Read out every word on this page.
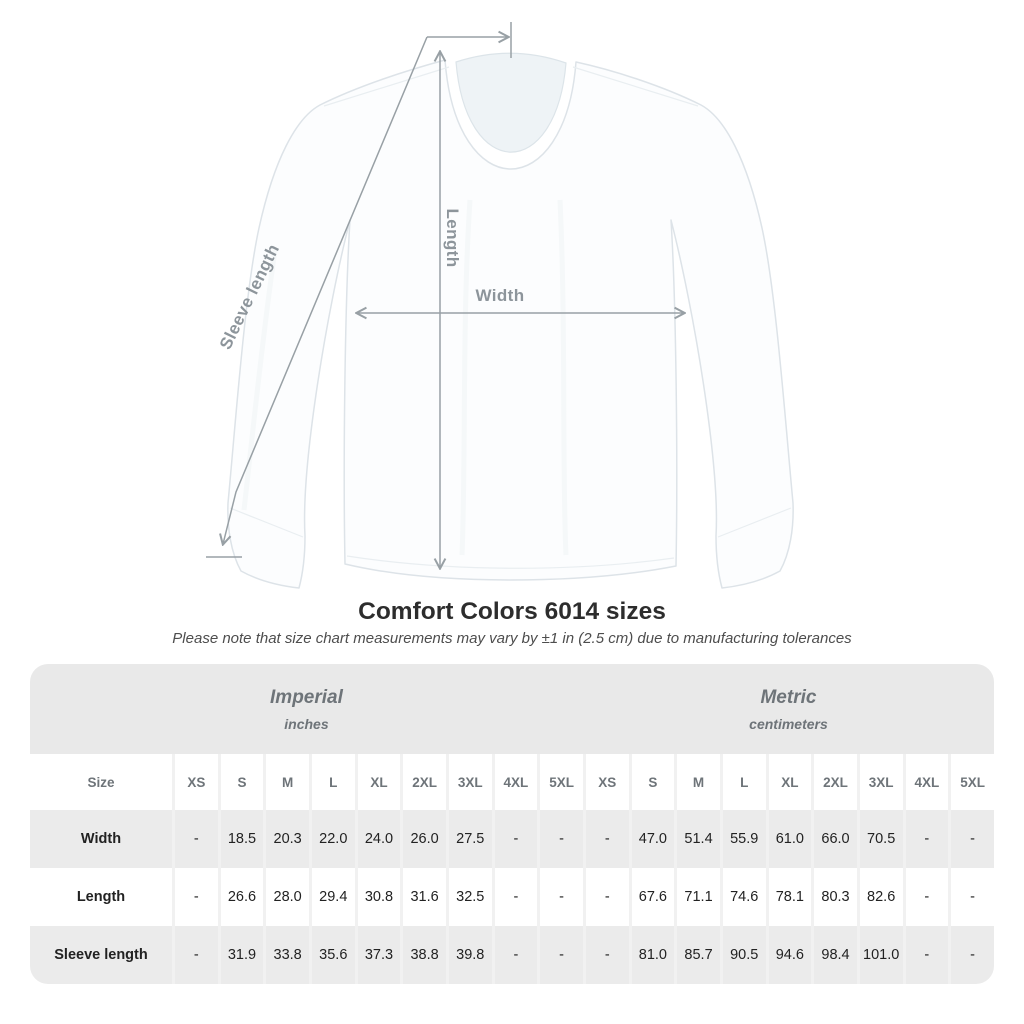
Width
Length
Sleeve length
Comfort Colors 6014 sizes
Please note that size chart measurements may vary by ±1 in (2.5 cm) due to manufacturing tolerances
Imperial
inches

Metric
centimeters

Size	XS	S	M	L	XL	2XL	3XL	4XL	5XL	XS	S	M	L	XL	2XL	3XL	4XL	5XL
Width	-	18.5	20.3	22.0	24.0	26.0	27.5	-	-	-	47.0	51.4	55.9	61.0	66.0	70.5	-	-
Length	-	26.6	28.0	29.4	30.8	31.6	32.5	-	-	-	67.6	71.1	74.6	78.1	80.3	82.6	-	-
Sleeve length	-	31.9	33.8	35.6	37.3	38.8	39.8	-	-	-	81.0	85.7	90.5	94.6	98.4	101.0	-	-
